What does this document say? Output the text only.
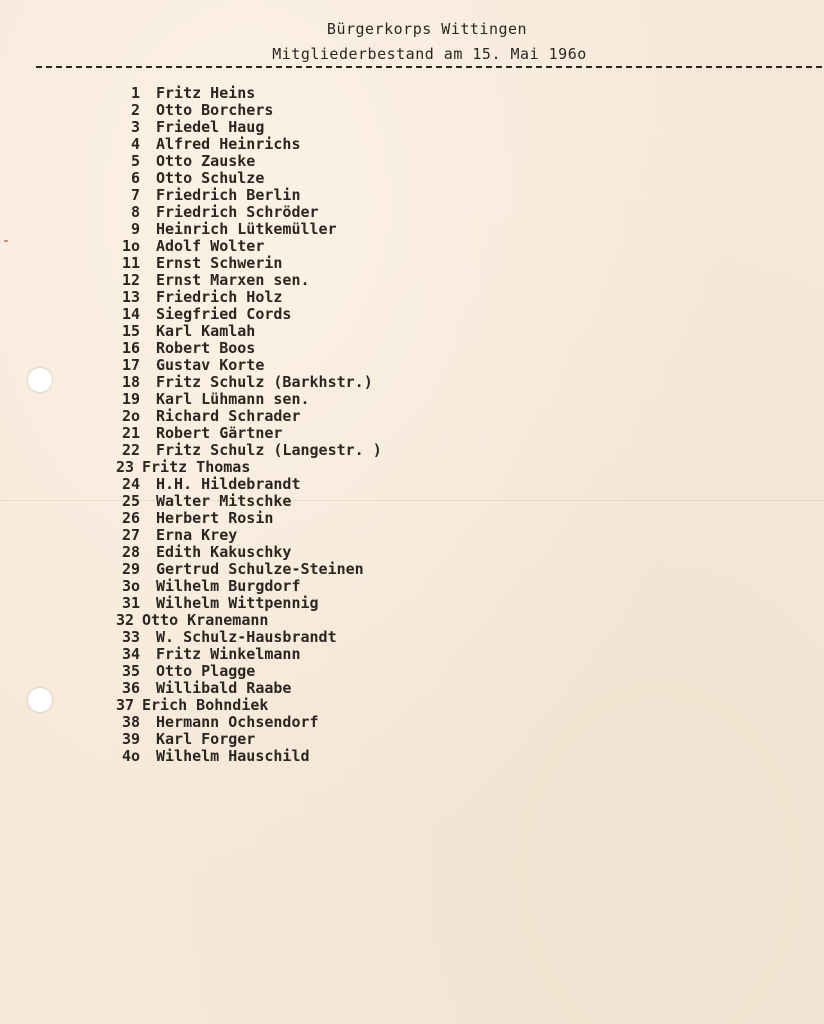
Bürgerkorps Wittingen
Mitgliederbestand am 15. Mai 196o
1 Fritz Heins
2 Otto Borchers
3 Friedel Haug
4 Alfred Heinrichs
5 Otto Zauske
6 Otto Schulze
7 Friedrich Berlin
8 Friedrich Schröder
9 Heinrich Lütkemüller
1o Adolf Wolter
11 Ernst Schwerin
12 Ernst Marxen sen.
13 Friedrich Holz
14 Siegfried Cords
15 Karl Kamlah
16 Robert Boos
17 Gustav Korte
18 Fritz Schulz (Barkhstr.)
19 Karl Lühmann sen.
2o Richard Schrader
21 Robert Gärtner
22 Fritz Schulz (Langestr. )
23 Fritz Thomas
24 H.H. Hildebrandt
25 Walter Mitschke
26 Herbert Rosin
27 Erna Krey
28 Edith Kakuschky
29 Gertrud Schulze-Steinen
3o Wilhelm Burgdorf
31 Wilhelm Wittpennig
32 Otto Kranemann
33 W. Schulz-Hausbrandt
34 Fritz Winkelmann
35 Otto Plagge
36 Willibald Raabe
37 Erich Bohndiek
38 Hermann Ochsendorf
39 Karl Forger
4o Wilhelm Hauschild
